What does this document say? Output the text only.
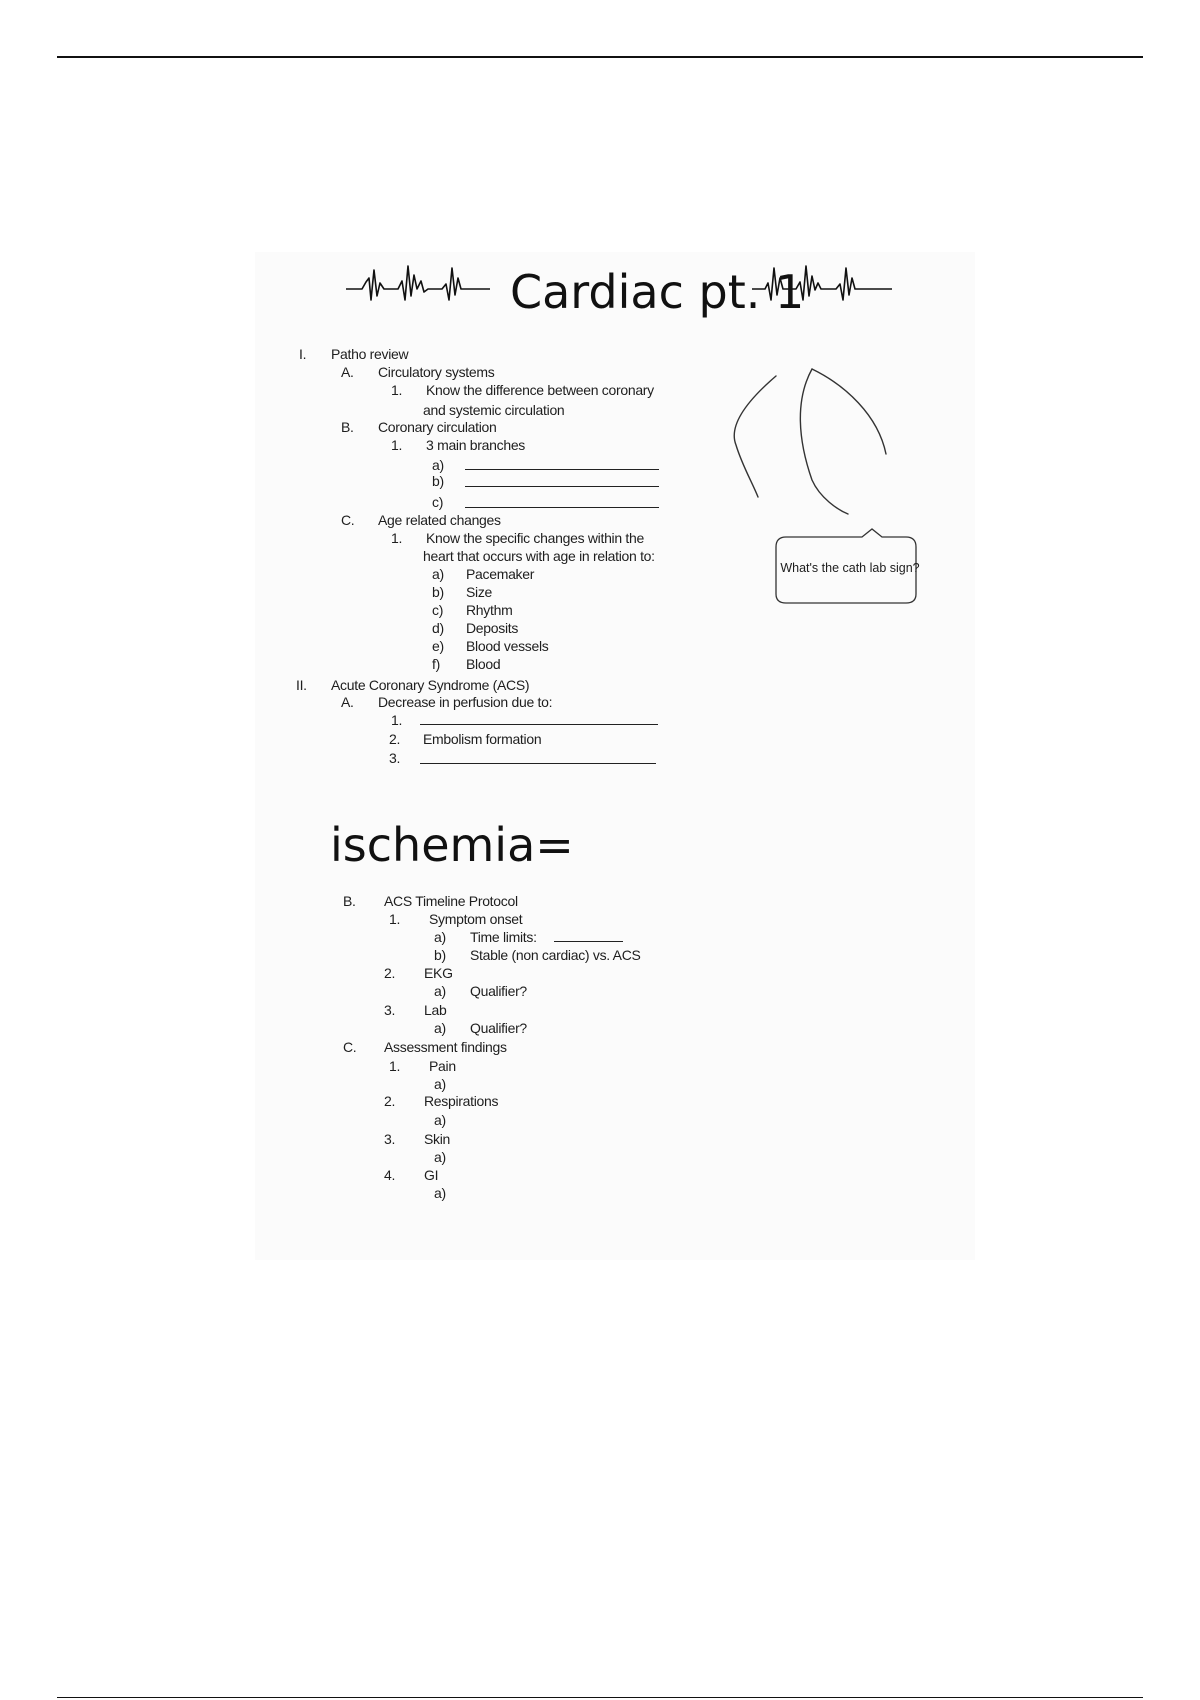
Cardiac pt. 1
I. Patho review
A. Circulatory systems
1. Know the difference between coronary
and systemic circulation
B. Coronary circulation
1. 3 main branches
a)
b)
c)
C. Age related changes
1. Know the specific changes within the
heart that occurs with age in relation to:
a) Pacemaker
b) Size
c) Rhythm
d) Deposits
e) Blood vessels
f) Blood
II. Acute Coronary Syndrome (ACS)
A. Decrease in perfusion due to:
1.
2. Embolism formation
3.
What's the cath lab sign?
ischemia=
B. ACS Timeline Protocol
1. Symptom onset
a) Time limits:
b) Stable (non cardiac) vs. ACS
2. EKG
a) Qualifier?
3. Lab
a) Qualifier?
C. Assessment findings
1. Pain
a)
2. Respirations
a)
3. Skin
a)
4. GI
a)
